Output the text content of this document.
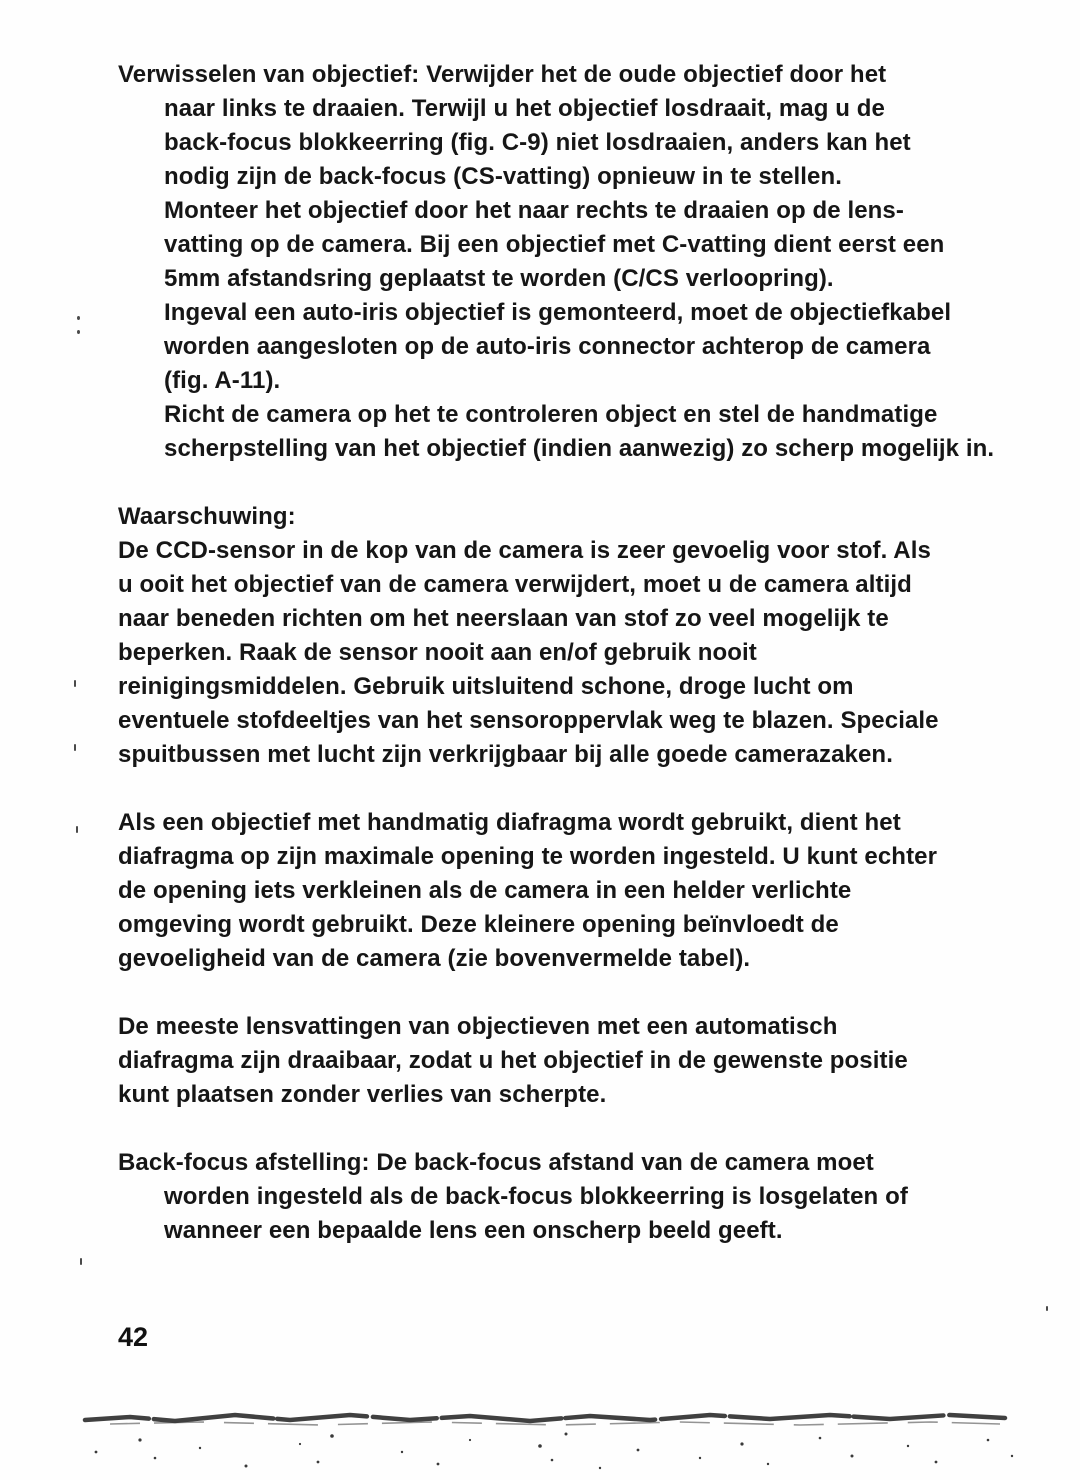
Verwisselen van objectief: Verwijder het de oude objectief door het
naar links te draaien. Terwijl u het objectief losdraait, mag u de
back-focus blokkeerring (fig. C-9) niet losdraaien, anders kan het
nodig zijn de back-focus (CS-vatting) opnieuw in te stellen.
Monteer het objectief door het naar rechts te draaien op de lens-
vatting op de camera. Bij een objectief met C-vatting dient eerst een
5mm afstandsring geplaatst te worden (C/CS verloopring).
Ingeval een auto-iris objectief is gemonteerd, moet de objectiefkabel
worden aangesloten op de auto-iris connector achterop de camera
(fig. A-11).
Richt de camera op het te controleren object en stel de handmatige
scherpstelling van het objectief (indien aanwezig) zo scherp mogelijk in.
Waarschuwing:
De CCD-sensor in de kop van de camera is zeer gevoelig voor stof. Als
u ooit het objectief van de camera verwijdert, moet u de camera altijd
naar beneden richten om het neerslaan van stof zo veel mogelijk te
beperken. Raak de sensor nooit aan en/of gebruik nooit
reinigingsmiddelen. Gebruik uitsluitend schone, droge lucht om
eventuele stofdeeltjes van het sensoroppervlak weg te blazen. Speciale
spuitbussen met lucht zijn verkrijgbaar bij alle goede camerazaken.
Als een objectief met handmatig diafragma wordt gebruikt, dient het
diafragma op zijn maximale opening te worden ingesteld. U kunt echter
de opening iets verkleinen als de camera in een helder verlichte
omgeving wordt gebruikt. Deze kleinere opening beïnvloedt de
gevoeligheid van de camera (zie bovenvermelde tabel).
De meeste lensvattingen van objectieven met een automatisch
diafragma zijn draaibaar, zodat u het objectief in de gewenste positie
kunt plaatsen zonder verlies van scherpte.
Back-focus afstelling: De back-focus afstand van de camera moet
worden ingesteld als de back-focus blokkeerring is losgelaten of
wanneer een bepaalde lens een onscherp beeld geeft.
42
